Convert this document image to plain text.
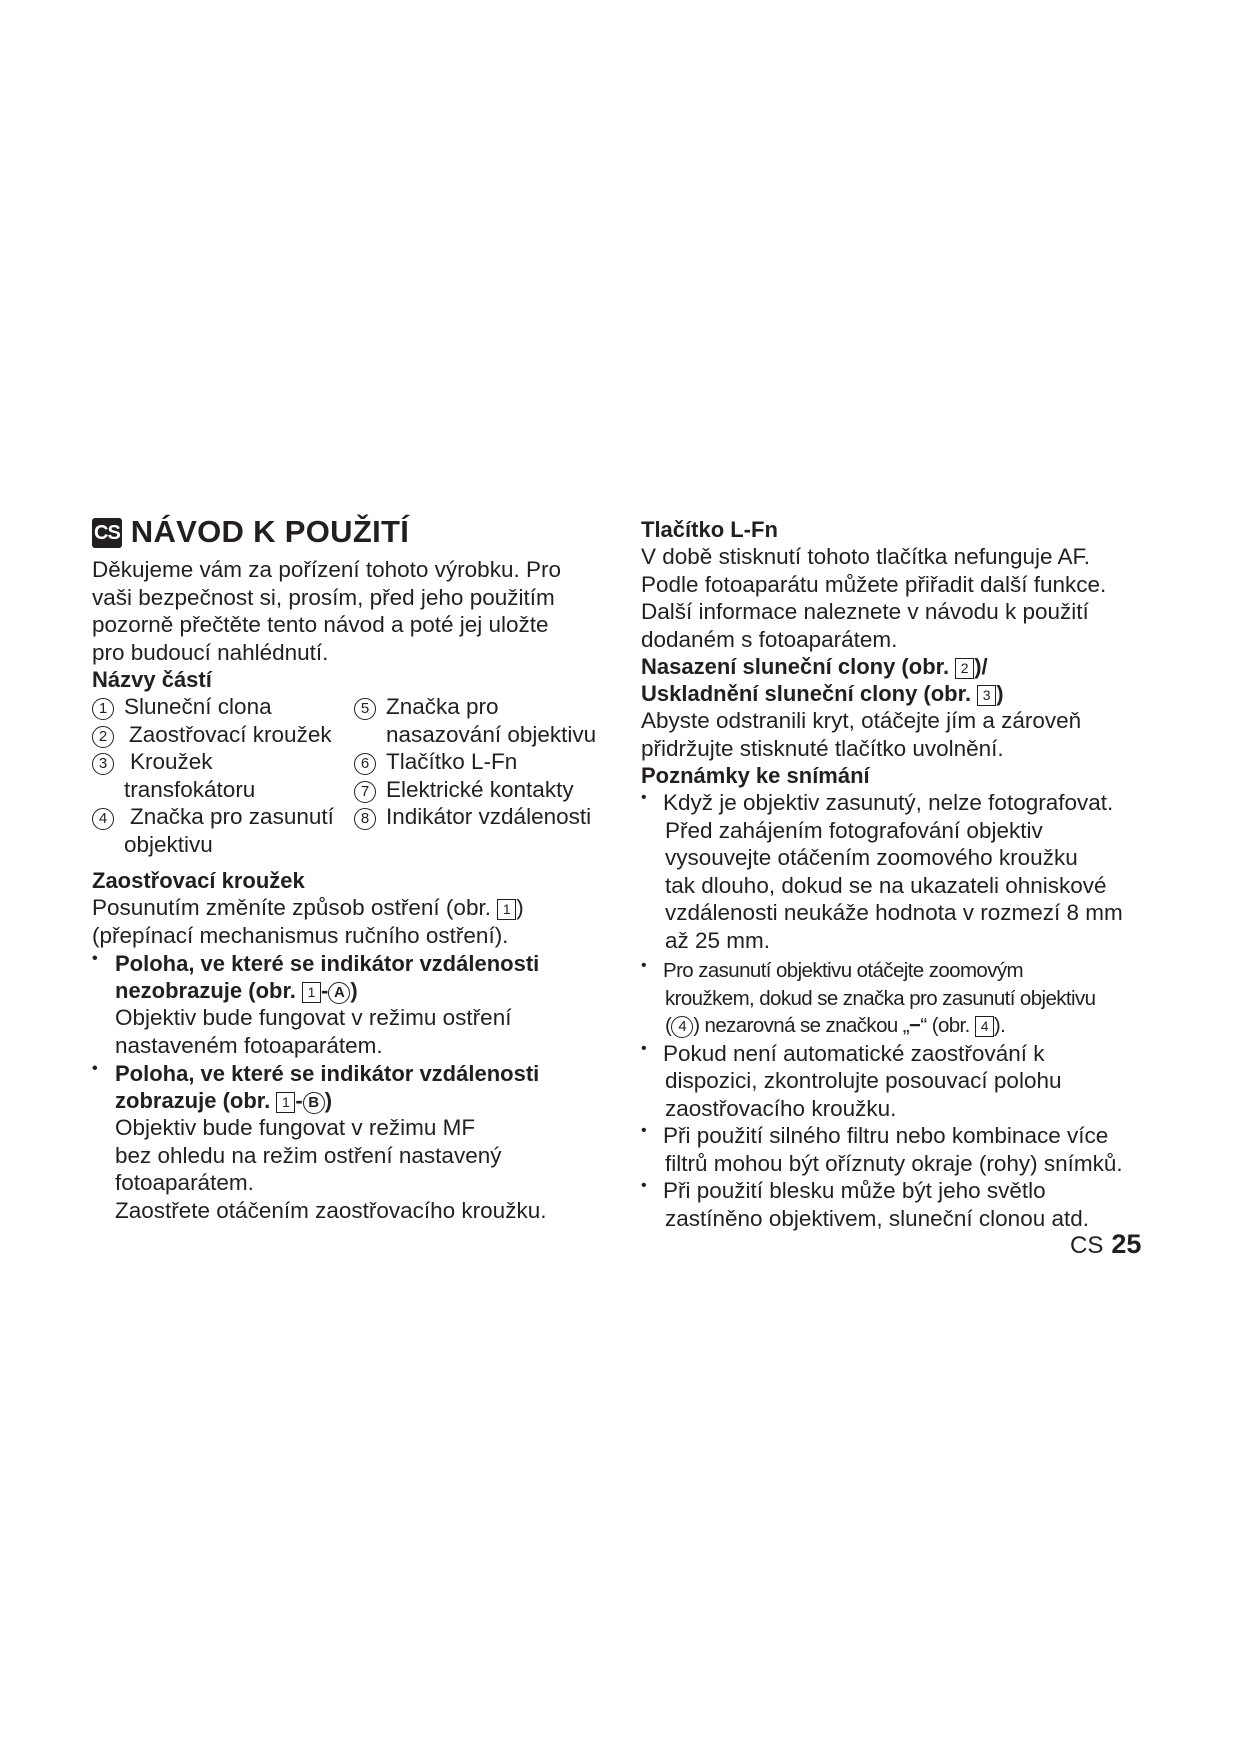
CS NÁVOD K POUŽITÍ

Děkujeme vám za pořízení tohoto výrobku. Pro

vaši bezpečnost si, prosím, před jeho použitím

pozorně přečtěte tento návod a poté jej uložte

pro budoucí nahlédnutí.

Názvy částí

1 Sluneční clona
2 Zaostřovací kroužek
3	Kroužek
transfokátoru
4	Značka pro zasunutí
objektivu
5 Značka pro
nasazování objektivu
6 Tlačítko L-Fn
7 Elektrické kontakty
8 Indikátor vzdálenosti

Zaostřovací kroužek

Posunutím změníte způsob ostření (obr. 1 )

(přepínací mechanismus ručního ostření).

• Poloha, ve které se indikátor vzdálenosti

nezobrazuje (obr. 1 - A )

Objektiv bude fungovat v režimu ostření

nastaveném fotoaparátem.

• Poloha, ve které se indikátor vzdálenosti

zobrazuje (obr. 1 - B )

Objektiv bude fungovat v režimu MF

bez ohledu na režim ostření nastavený

fotoaparátem.

Zaostřete otáčením zaostřovacího kroužku.

Tlačítko L-Fn

V době stisknutí tohoto tlačítka nefunguje AF.

Podle fotoaparátu můžete přiřadit další funkce.

Další informace naleznete v návodu k použití

dodaném s fotoaparátem.

Nasazení sluneční clony (obr. 2 )/

Uskladnění sluneční clony (obr. 3 )

Abyste odstranili kryt, otáčejte jím a zároveň

přidržujte stisknuté tlačítko uvolnění.

Poznámky ke snímání

• Když je objektiv zasunutý, nelze fotografovat.

Před zahájením fotografování objektiv

vysouvejte otáčením zoomového kroužku

tak dlouho, dokud se na ukazateli ohniskové

vzdálenosti neukáže hodnota v rozmezí 8 mm

až 25 mm.

• Pro zasunutí objektivu otáčejte zoomovým
kroužkem, dokud se značka pro zasunutí objektivu
( 4 ) nezarovná se značkou „−“ (obr. 4 ).
• Pokud není automatické zaostřování k

dispozici, zkontrolujte posouvací polohu

zaostřovacího kroužku.

• Při použití silného filtru nebo kombinace více

filtrů mohou být oříznuty okraje (rohy) snímků.

• Při použití blesku může být jeho světlo

zastíněno objektivem, sluneční clonou atd.

CS 25
